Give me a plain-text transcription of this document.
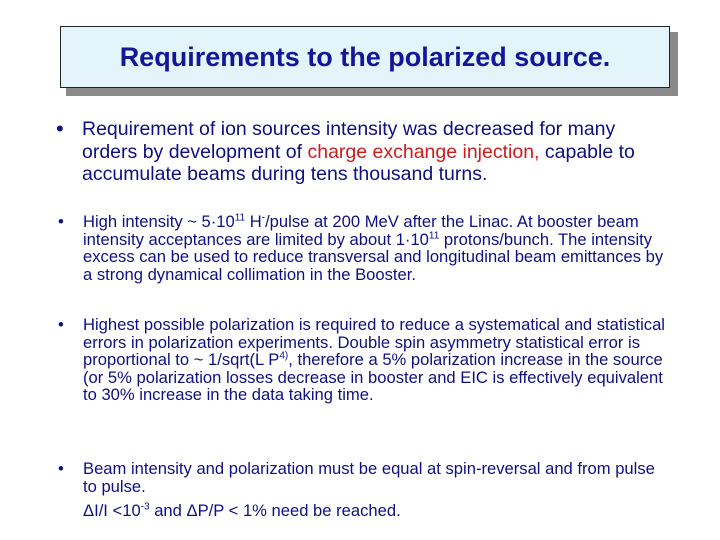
Requirements to the polarized source.
• Requirement of ion sources intensity was decreased for many orders by development of charge exchange injection, capable to accumulate beams during tens thousand turns.
• High intensity ~ $5\cdot 10^{11}$ H-/pulse at 200 MeV after the Linac. At booster beam intensity acceptances are limited by about $1\cdot 10^{11}$ protons/bunch. The intensity excess can be used to reduce transversal and longitudinal beam emittances by a strong dynamical collimation in the Booster.
• Highest possible polarization is required to reduce a systematical and statistical errors in polarization experiments. Double spin asymmetry statistical error is proportional to ~ 1/sqrt(L $P^{4)}$, therefore a 5% polarization increase in the source (or 5% polarization losses decrease in booster and EIC is effectively equivalent to 30% increase in the data taking time.
• Beam intensity and polarization must be equal at spin-reversal and from pulse to pulse.
$\Delta I/I <10^{-3}$ and ΔP/P < 1% need be reached.
